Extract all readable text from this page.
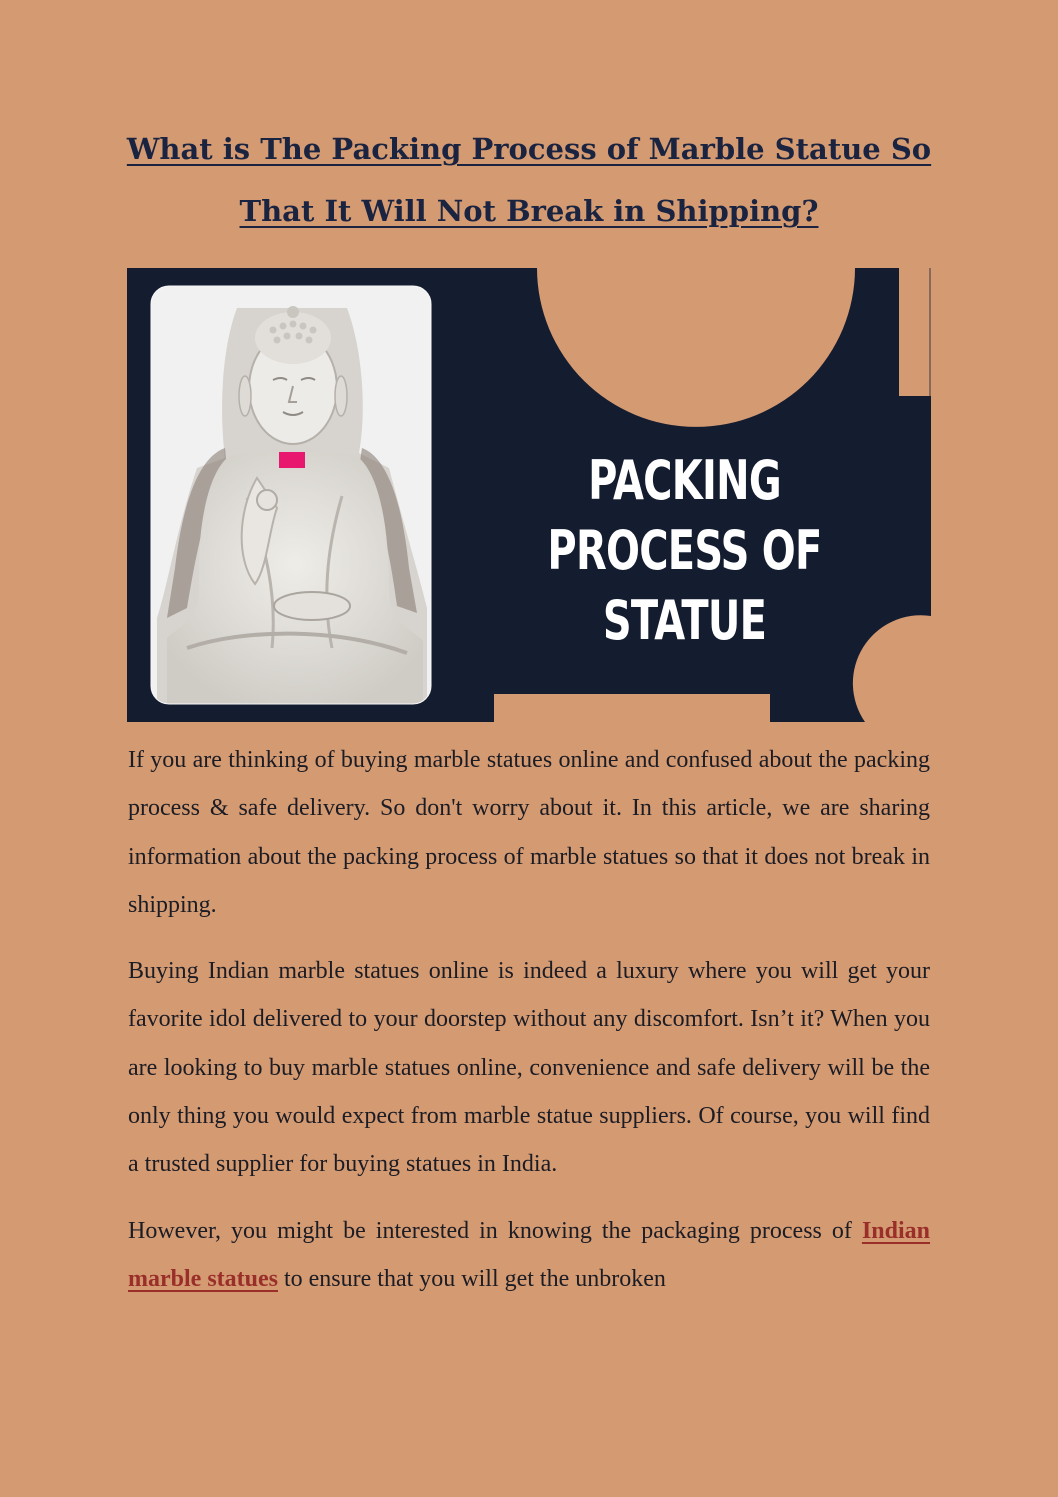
What is The Packing Process of Marble Statue So That It Will Not Break in Shipping?
PACKING PROCESS OF
STATUE

If you are thinking of buying marble statues online and confused about the packing process & safe delivery. So don't worry about it. In this article, we are sharing information about the packing process of marble statues so that it does not break in shipping.

Buying Indian marble statues online is indeed a luxury where you will get your favorite idol delivered to your doorstep without any discomfort. Isn’t it? When you are looking to buy marble statues online, convenience and safe delivery will be the only thing you would expect from marble statue suppliers. Of course, you will find a trusted supplier for buying statues in India.

However, you might be interested in knowing the packaging process of Indian marble statues to ensure that you will get the unbroken
